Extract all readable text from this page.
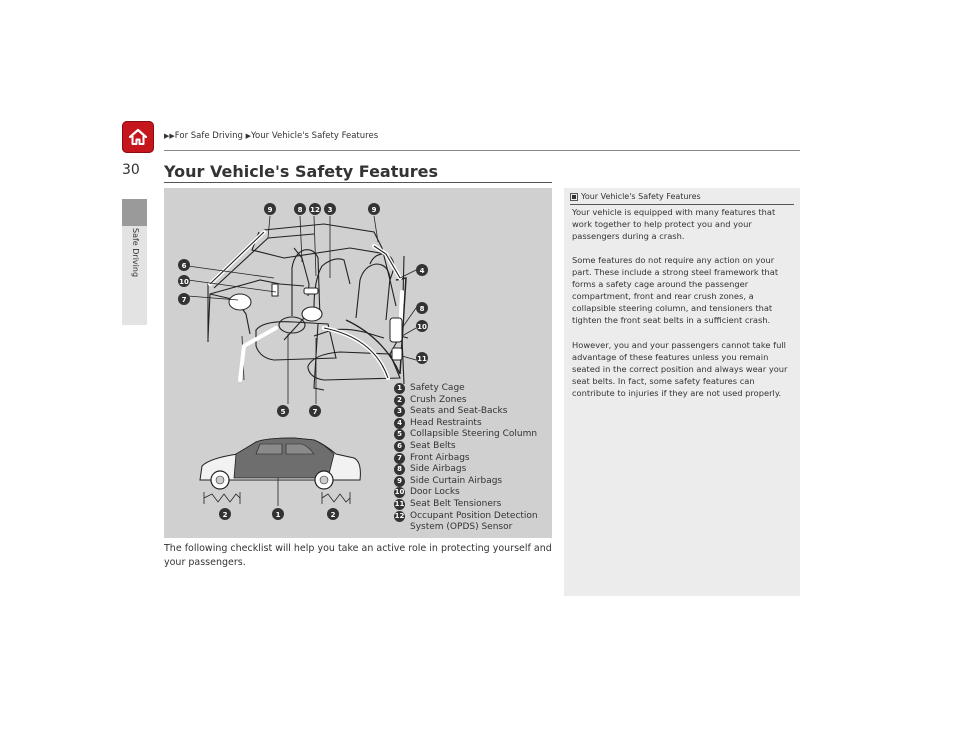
▶▶For Safe Driving ▶Your Vehicle's Safety Features
Safe Driving
30 Your Vehicle's Safety Features
9	8 12 3	9
6
10
7
4
8
10
11
5	7
2	1	2
1 Safety Cage
2 Crush Zones
3 Seats and Seat-Backs
4 Head Restraints
5 Collapsible Steering Column
6 Seat Belts
7 Front Airbags
8 Side Airbags
9 Side Curtain Airbags
10 Door Locks
11 Seat Belt Tensioners
12 Occupant Position Detection System (OPDS) Sensor
The following checklist will help you take an active role in protecting yourself and your passengers.
Your Vehicle's Safety Features
Your vehicle is equipped with many features that work together to help protect you and your passengers during a crash.
Some features do not require any action on your part. These include a strong steel framework that forms a safety cage around the passenger compartment, front and rear crush zones, a collapsible steering column, and tensioners that tighten the front seat belts in a sufficient crash.
However, you and your passengers cannot take full advantage of these features unless you remain seated in the correct position and always wear your seat belts. In fact, some safety features can contribute to injuries if they are not used properly.
